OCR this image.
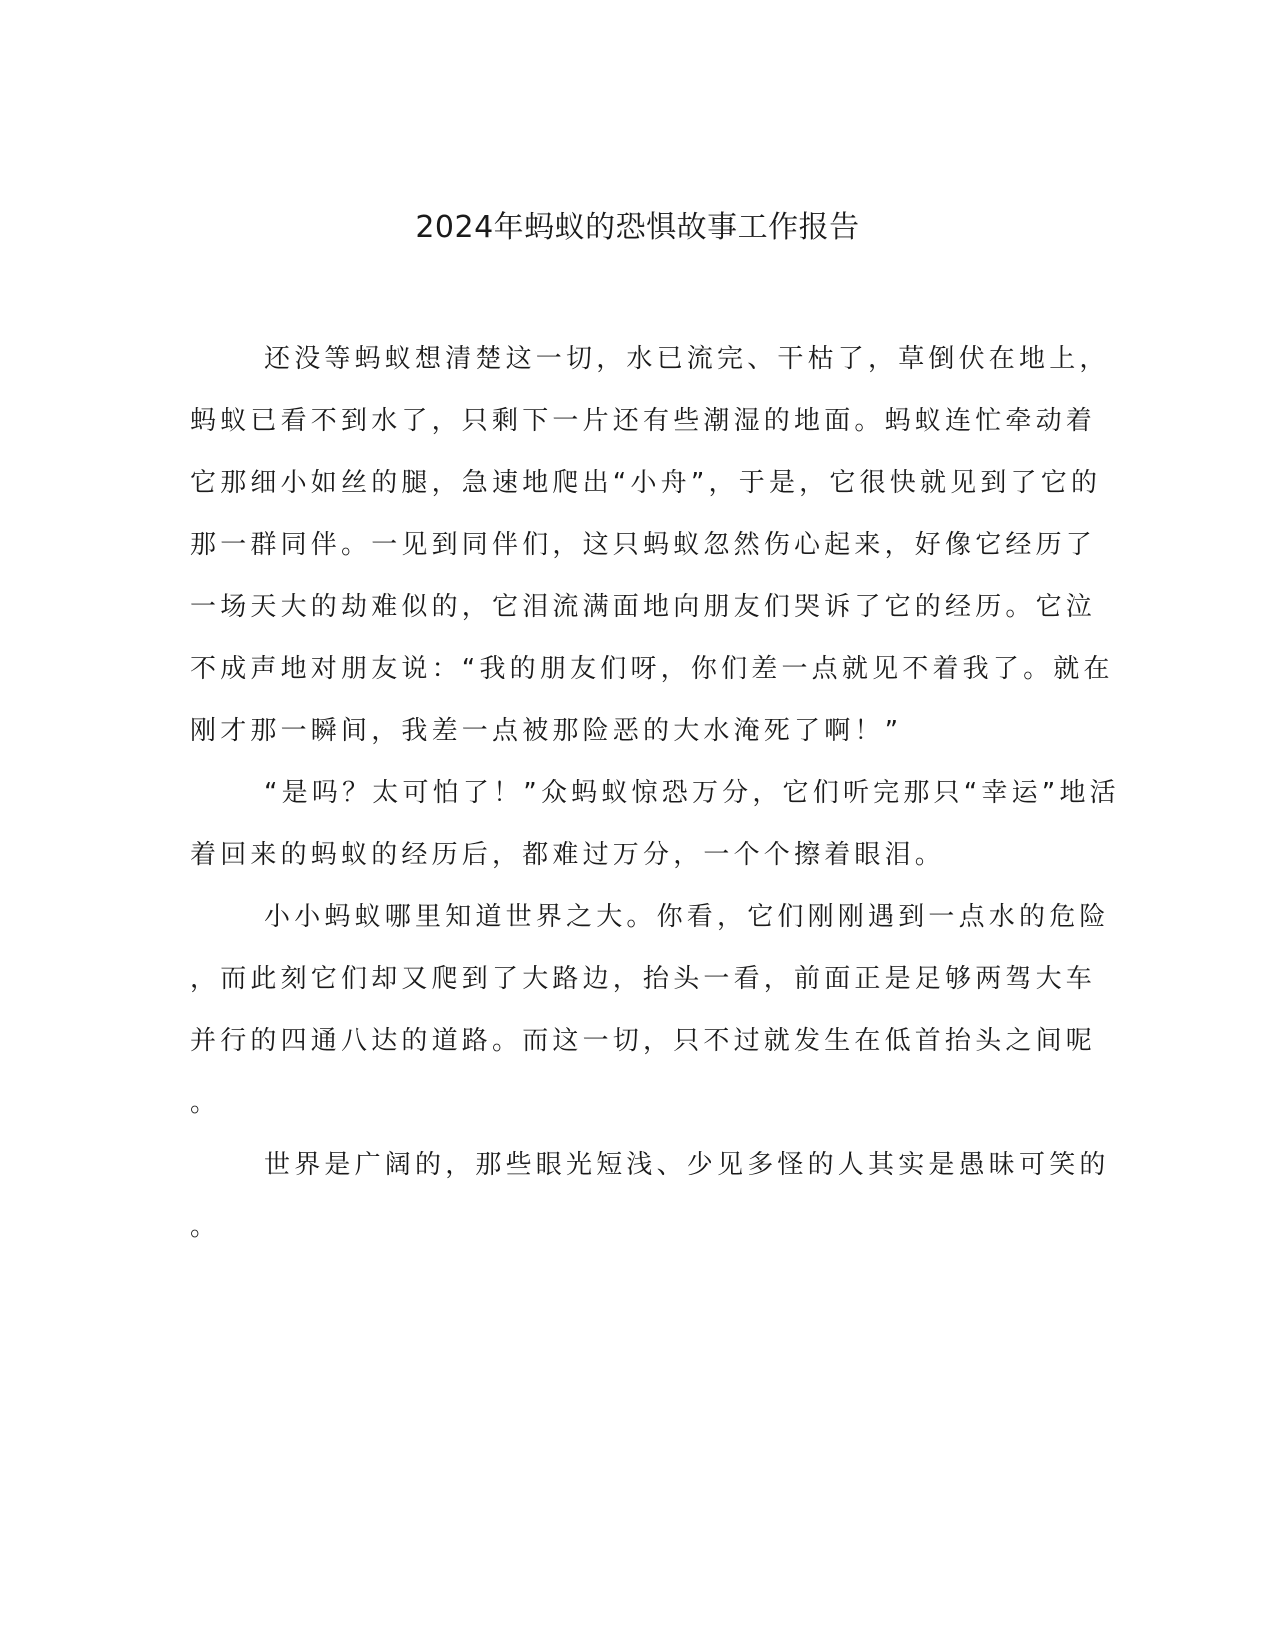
2024年蚂蚁的恐惧故事工作报告
还没等蚂蚁想清楚这一切，水已流完、干枯了，草倒伏在地上，
蚂蚁已看不到水了，只剩下一片还有些潮湿的地面。蚂蚁连忙牵动着
它那细小如丝的腿，急速地爬出“小舟”，于是，它很快就见到了它的
那一群同伴。一见到同伴们，这只蚂蚁忽然伤心起来，好像它经历了
一场天大的劫难似的，它泪流满面地向朋友们哭诉了它的经历。它泣
不成声地对朋友说：“我的朋友们呀，你们差一点就见不着我了。就在
刚才那一瞬间，我差一点被那险恶的大水淹死了啊！”
“是吗？太可怕了！”众蚂蚁惊恐万分，它们听完那只“幸运”地活
着回来的蚂蚁的经历后，都难过万分，一个个擦着眼泪。
小小蚂蚁哪里知道世界之大。你看，它们刚刚遇到一点水的危险
，而此刻它们却又爬到了大路边，抬头一看，前面正是足够两驾大车
并行的四通八达的道路。而这一切，只不过就发生在低首抬头之间呢
。
世界是广阔的，那些眼光短浅、少见多怪的人其实是愚昧可笑的
。
